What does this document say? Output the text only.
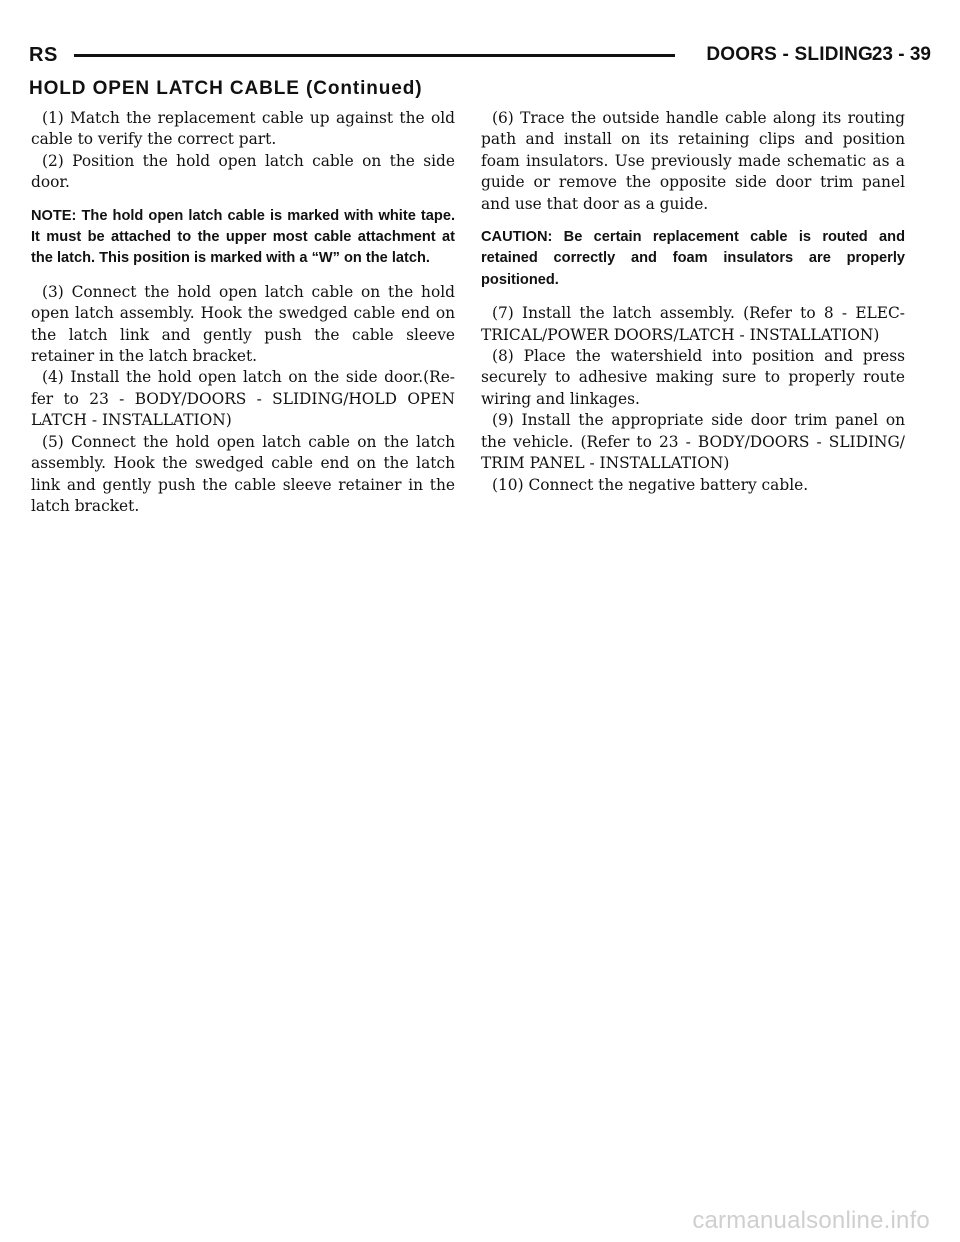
RS	DOORS - SLIDING
23 - 39
HOLD OPEN LATCH CABLE (Continued)

(1) Match the replacement cable up against the old cable to verify the correct part.

(2) Position the hold open latch cable on the side door.

NOTE: The hold open latch cable is marked with white tape. It must be attached to the upper most cable attachment at the latch. This position is marked with a “W” on the latch.

(3) Connect the hold open latch cable on the hold open latch assembly. Hook the swedged cable end on the latch link and gently push the cable sleeve retainer in the latch bracket.

(4) Install the hold open latch on the side door.(Re- fer to 23 - BODY/DOORS - SLIDING/HOLD OPEN LATCH - INSTALLATION)

(5) Connect the hold open latch cable on the latch assembly. Hook the swedged cable end on the latch link and gently push the cable sleeve retainer in the latch bracket.

(6) Trace the outside handle cable along its routing path and install on its retaining clips and position foam insulators. Use previously made schematic as a guide or remove the opposite side door trim panel and use that door as a guide.

CAUTION: Be certain replacement cable is routed and retained correctly and foam insulators are properly positioned.

(7) Install the latch assembly. (Refer to 8 - ELEC- TRICAL/POWER DOORS/LATCH - INSTALLATION)

(8) Place the watershield into position and press securely to adhesive making sure to properly route wiring and linkages.

(9) Install the appropriate side door trim panel on the vehicle. (Refer to 23 - BODY/DOORS - SLIDING/ TRIM PANEL - INSTALLATION)

(10) Connect the negative battery cable.

carmanualsonline.info
